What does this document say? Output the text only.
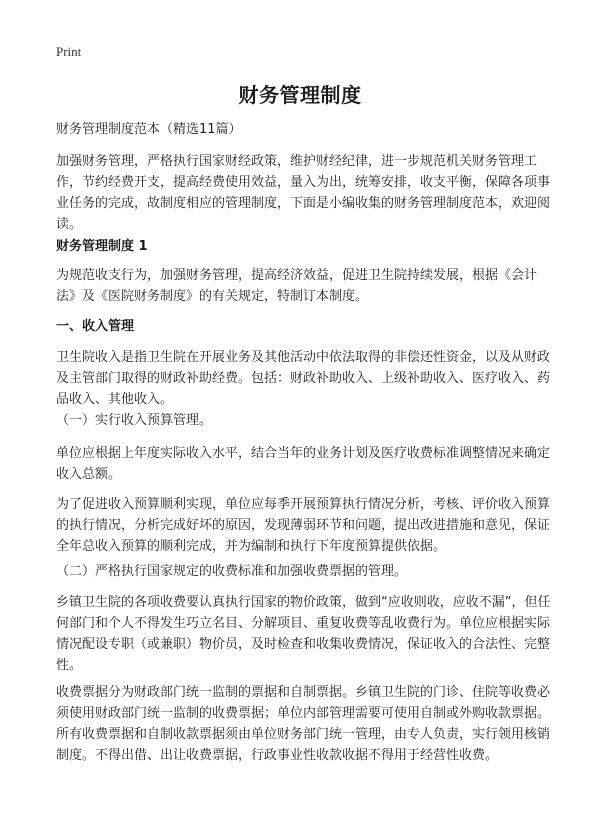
Print
财务管理制度
财务管理制度范本（精选11篇）
加强财务管理，严格执行国家财经政策，维护财经纪律，进一步规范机关财务管理工作，节约经费开支，提高经费使用效益，量入为出，统筹安排，收支平衡，保障各项事业任务的完成，故制度相应的管理制度，下面是小编收集的财务管理制度范本，欢迎阅读。
财务管理制度 1
为规范收支行为，加强财务管理，提高经济效益，促进卫生院持续发展，根据《会计法》及《医院财务制度》的有关规定，特制订本制度。
一、收入管理
卫生院收入是指卫生院在开展业务及其他活动中依法取得的非偿还性资金，以及从财政及主管部门取得的财政补助经费。包括：财政补助收入、上级补助收入、医疗收入、药品收入、其他收入。
（一）实行收入预算管理。
单位应根据上年度实际收入水平，结合当年的业务计划及医疗收费标准调整情况来确定收入总额。
为了促进收入预算顺利实现，单位应每季开展预算执行情况分析，考核、评价收入预算的执行情况，分析完成好坏的原因，发现薄弱环节和问题，提出改进措施和意见，保证全年总收入预算的顺利完成，并为编制和执行下年度预算提供依据。
（二）严格执行国家规定的收费标准和加强收费票据的管理。
乡镇卫生院的各项收费要认真执行国家的物价政策，做到“应收则收，应收不漏”，但任何部门和个人不得发生巧立名目、分解项目、重复收费等乱收费行为。单位应根据实际情况配设专职（或兼职）物价员，及时检查和收集收费情况，保证收入的合法性、完整性。
收费票据分为财政部门统一监制的票据和自制票据。乡镇卫生院的门诊、住院等收费必须使用财政部门统一监制的收费票据；单位内部管理需要可使用自制或外购收款票据。所有收费票据和自制收款票据须由单位财务部门统一管理，由专人负责，实行领用核销制度。不得出借、出让收费票据，行政事业性收款收据不得用于经营性收费。
